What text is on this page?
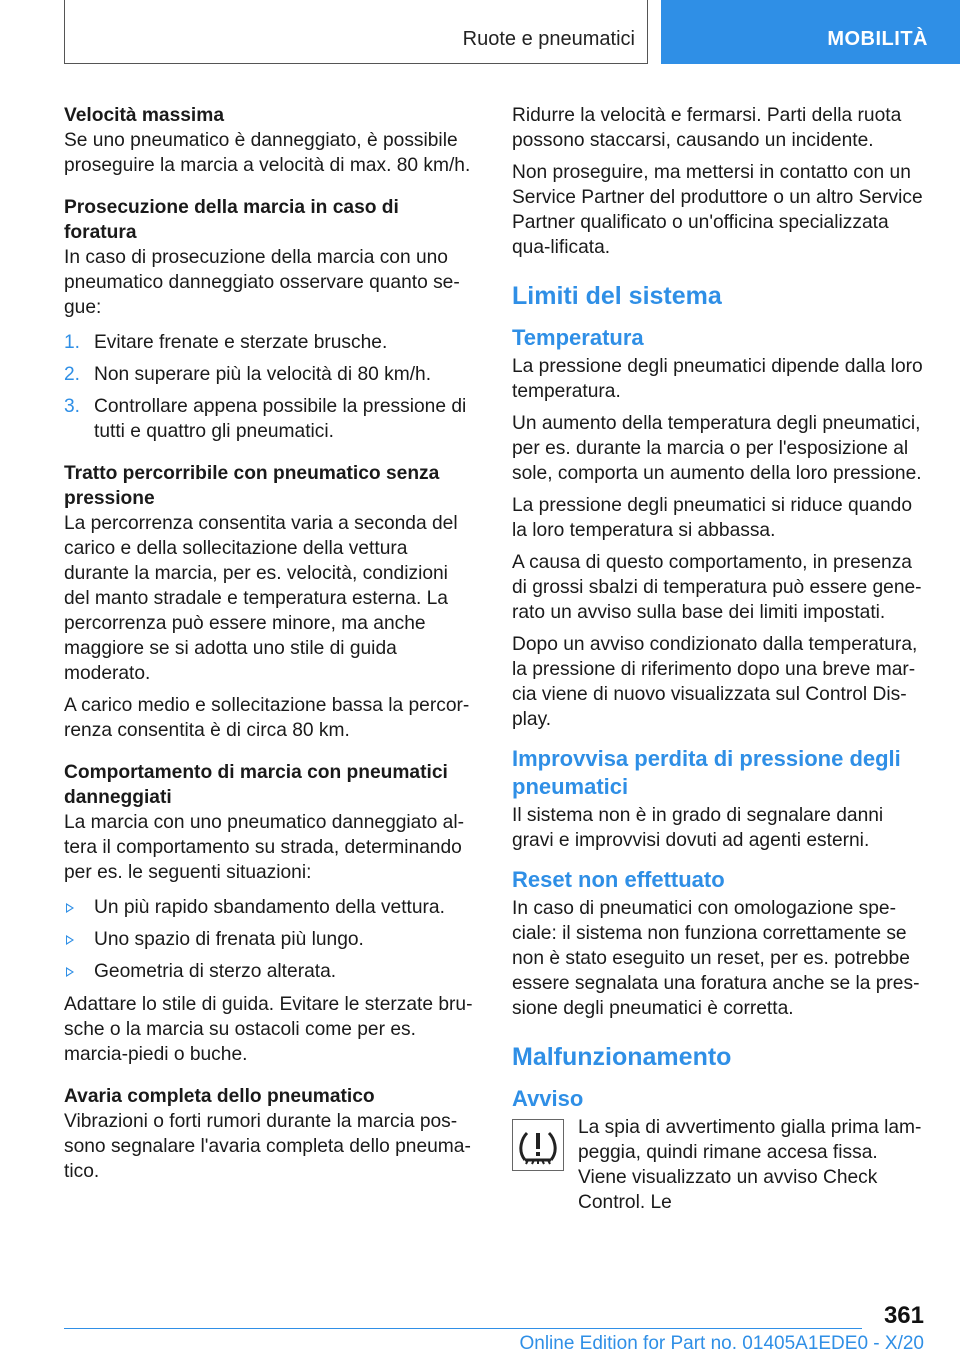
Ruote e pneumatici	MOBILITÀ
Velocità massima

Se uno pneumatico è danneggiato, è possibile proseguire la marcia a velocità di max. 80 km/h.

Prosecuzione della marcia in caso di foratura

In caso di prosecuzione della marcia con uno pneumatico danneggiato osservare quanto se-gue:

1. Evitare frenate e sterzate brusche.
2. Non superare più la velocità di 80 km/h.
3. Controllare appena possibile la pressione di tutti e quattro gli pneumatici.
Tratto percorribile con pneumatico senza pressione

La percorrenza consentita varia a seconda del carico e della sollecitazione della vettura durante la marcia, per es. velocità, condizioni del manto stradale e temperatura esterna. La percorrenza può essere minore, ma anche maggiore se si adotta uno stile di guida moderato.

A carico medio e sollecitazione bassa la percor-renza consentita è di circa 80 km.

Comportamento di marcia con pneumatici danneggiati

La marcia con uno pneumatico danneggiato al-tera il comportamento su strada, determinando per es. le seguenti situazioni:

Un più rapido sbandamento della vettura.
Uno spazio di frenata più lungo.
Geometria di sterzo alterata.

Adattare lo stile di guida. Evitare le sterzate bru-sche o la marcia su ostacoli come per es. marcia-piedi o buche.

Avaria completa dello pneumatico

Vibrazioni o forti rumori durante la marcia pos-sono segnalare l'avaria completa dello pneuma-tico.

Ridurre la velocità e fermarsi. Parti della ruota possono staccarsi, causando un incidente.

Non proseguire, ma mettersi in contatto con un Service Partner del produttore o un altro Service Partner qualificato o un'officina specializzata qua-lificata.

Limiti del sistema
Temperatura

La pressione degli pneumatici dipende dalla loro temperatura.

Un aumento della temperatura degli pneumatici, per es. durante la marcia o per l'esposizione al sole, comporta un aumento della loro pressione.

La pressione degli pneumatici si riduce quando la loro temperatura si abbassa.

A causa di questo comportamento, in presenza di grossi sbalzi di temperatura può essere gene-rato un avviso sulla base dei limiti impostati.

Dopo un avviso condizionato dalla temperatura, la pressione di riferimento dopo una breve mar-cia viene di nuovo visualizzata sul Control Dis-play.

Improvvisa perdita di pressione degli pneumatici

Il sistema non è in grado di segnalare danni gravi e improvvisi dovuti ad agenti esterni.

Reset non effettuato

In caso di pneumatici con omologazione spe-ciale: il sistema non funziona correttamente se non è stato eseguito un reset, per es. potrebbe essere segnalata una foratura anche se la pres-sione degli pneumatici è corretta.

Malfunzionamento
Avviso

La spia di avvertimento gialla prima lam-peggia, quindi rimane accesa fissa. Viene visualizzato un avviso Check Control. Le

361
Online Edition for Part no. 01405A1EDE0 - X/20
